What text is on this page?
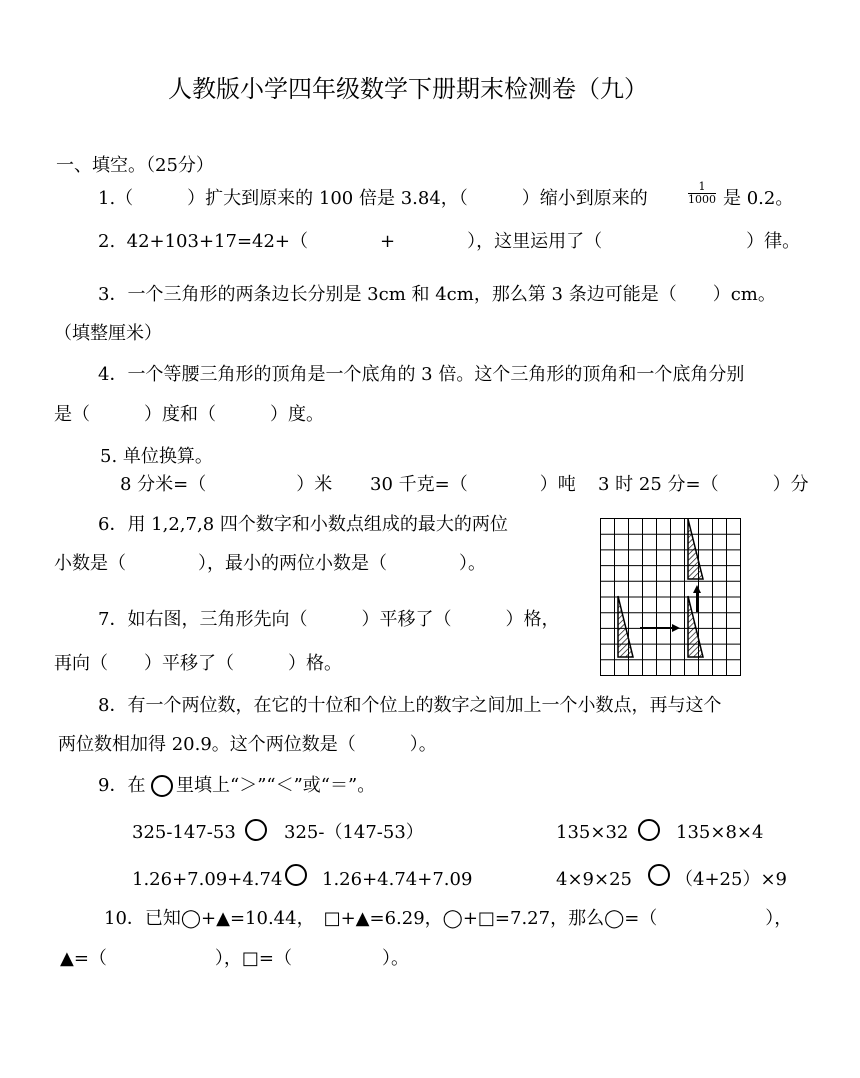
人教版小学四年级数学下册期末检测卷（九）
一、填空。（25分）
1.（　　　）扩大到原来的 100 倍是 3.84，（　　　）缩小到原来的
1
1000 是 0.2。
2.  42+103+17=42+（　　　　+　　　　），这里运用了（　　　　　　　　）律。
3．一个三角形的两条边长分别是 3cm 和 4cm，那么第 3 条边可能是（　　）cm。
（填整厘米）
4．一个等腰三角形的顶角是一个底角的 3 倍。这个三角形的顶角和一个底角分别
是（　　　）度和（　　　）度。
5. 单位换算。
8 分米=（　　　　　）米 30 千克=（　　　　）吨 3 时 25 分=（　　　）分
6．用 1,2,7,8 四个数字和小数点组成的最大的两位
小数是（　　　　），最小的两位小数是（　　　　）。
7．如右图，三角形先向（　　　）平移了（　　　）格，
再向（　　）平移了（　　　）格。
8．有一个两位数，在它的十位和个位上的数字之间加上一个小数点，再与这个
两位数相加得 20.9。这个两位数是（　　　）。
9．在 里填上“＞”“＜”或“＝”。
325-147-53	325-（147-53）	135×32	135×8×4
1.26+7.09+4.74 1.26+4.74+7.09	4×9×25 （4+25）×9
10．已知◯+▲=10.44，　□+▲=6.29，◯+□=7.27，那么◯=（　　　　　　），
▲=（　　　　　　），□=（　　　　　）。
